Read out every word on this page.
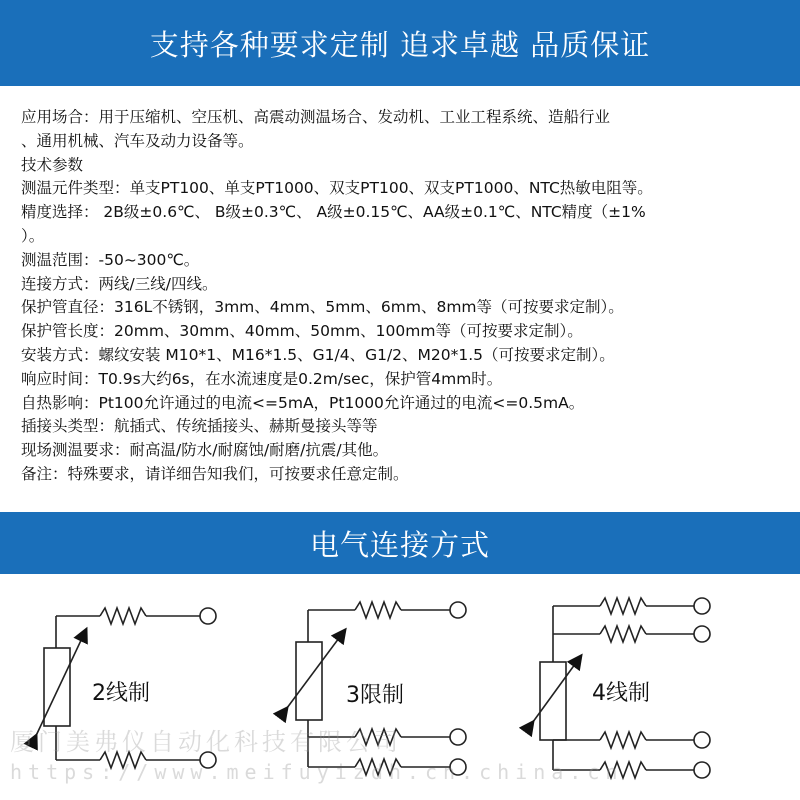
支持各种要求定制 追求卓越 品质保证
应用场合：用于压缩机、空压机、高震动测温场合、发动机、工业工程系统、造船行业
、通用机械、汽车及动力设备等。
技术参数
测温元件类型：单支PT100、单支PT1000、双支PT100、双支PT1000、NTC热敏电阻等。
精度选择： 2B级±0.6℃、 B级±0.3℃、 A级±0.15℃、AA级±0.1℃、NTC精度（±1%
）。
测温范围：-50~300℃。
连接方式：两线/三线/四线。
保护管直径：316L不锈钢，3mm、4mm、5mm、6mm、8mm等（可按要求定制）。
保护管长度：20mm、30mm、40mm、50mm、100mm等（可按要求定制）。
安装方式：螺纹安装 M10*1、M16*1.5、G1/4、G1/2、M20*1.5（可按要求定制）。
响应时间：T0.9s大约6s，在水流速度是0.2m/sec，保护管4mm时。
自热影响：Pt100允许通过的电流<=5mA，Pt1000允许通过的电流<=0.5mA。
插接头类型：航插式、传统插接头、赫斯曼接头等等
现场测温要求：耐高温/防水/耐腐蚀/耐磨/抗震/其他。
备注：特殊要求，请详细告知我们，可按要求任意定制。
电气连接方式
2线制	3限制	4线制
厦门美弗仪自动化科技有限公司
https://www.meifuyizdh.cn.china.cn
